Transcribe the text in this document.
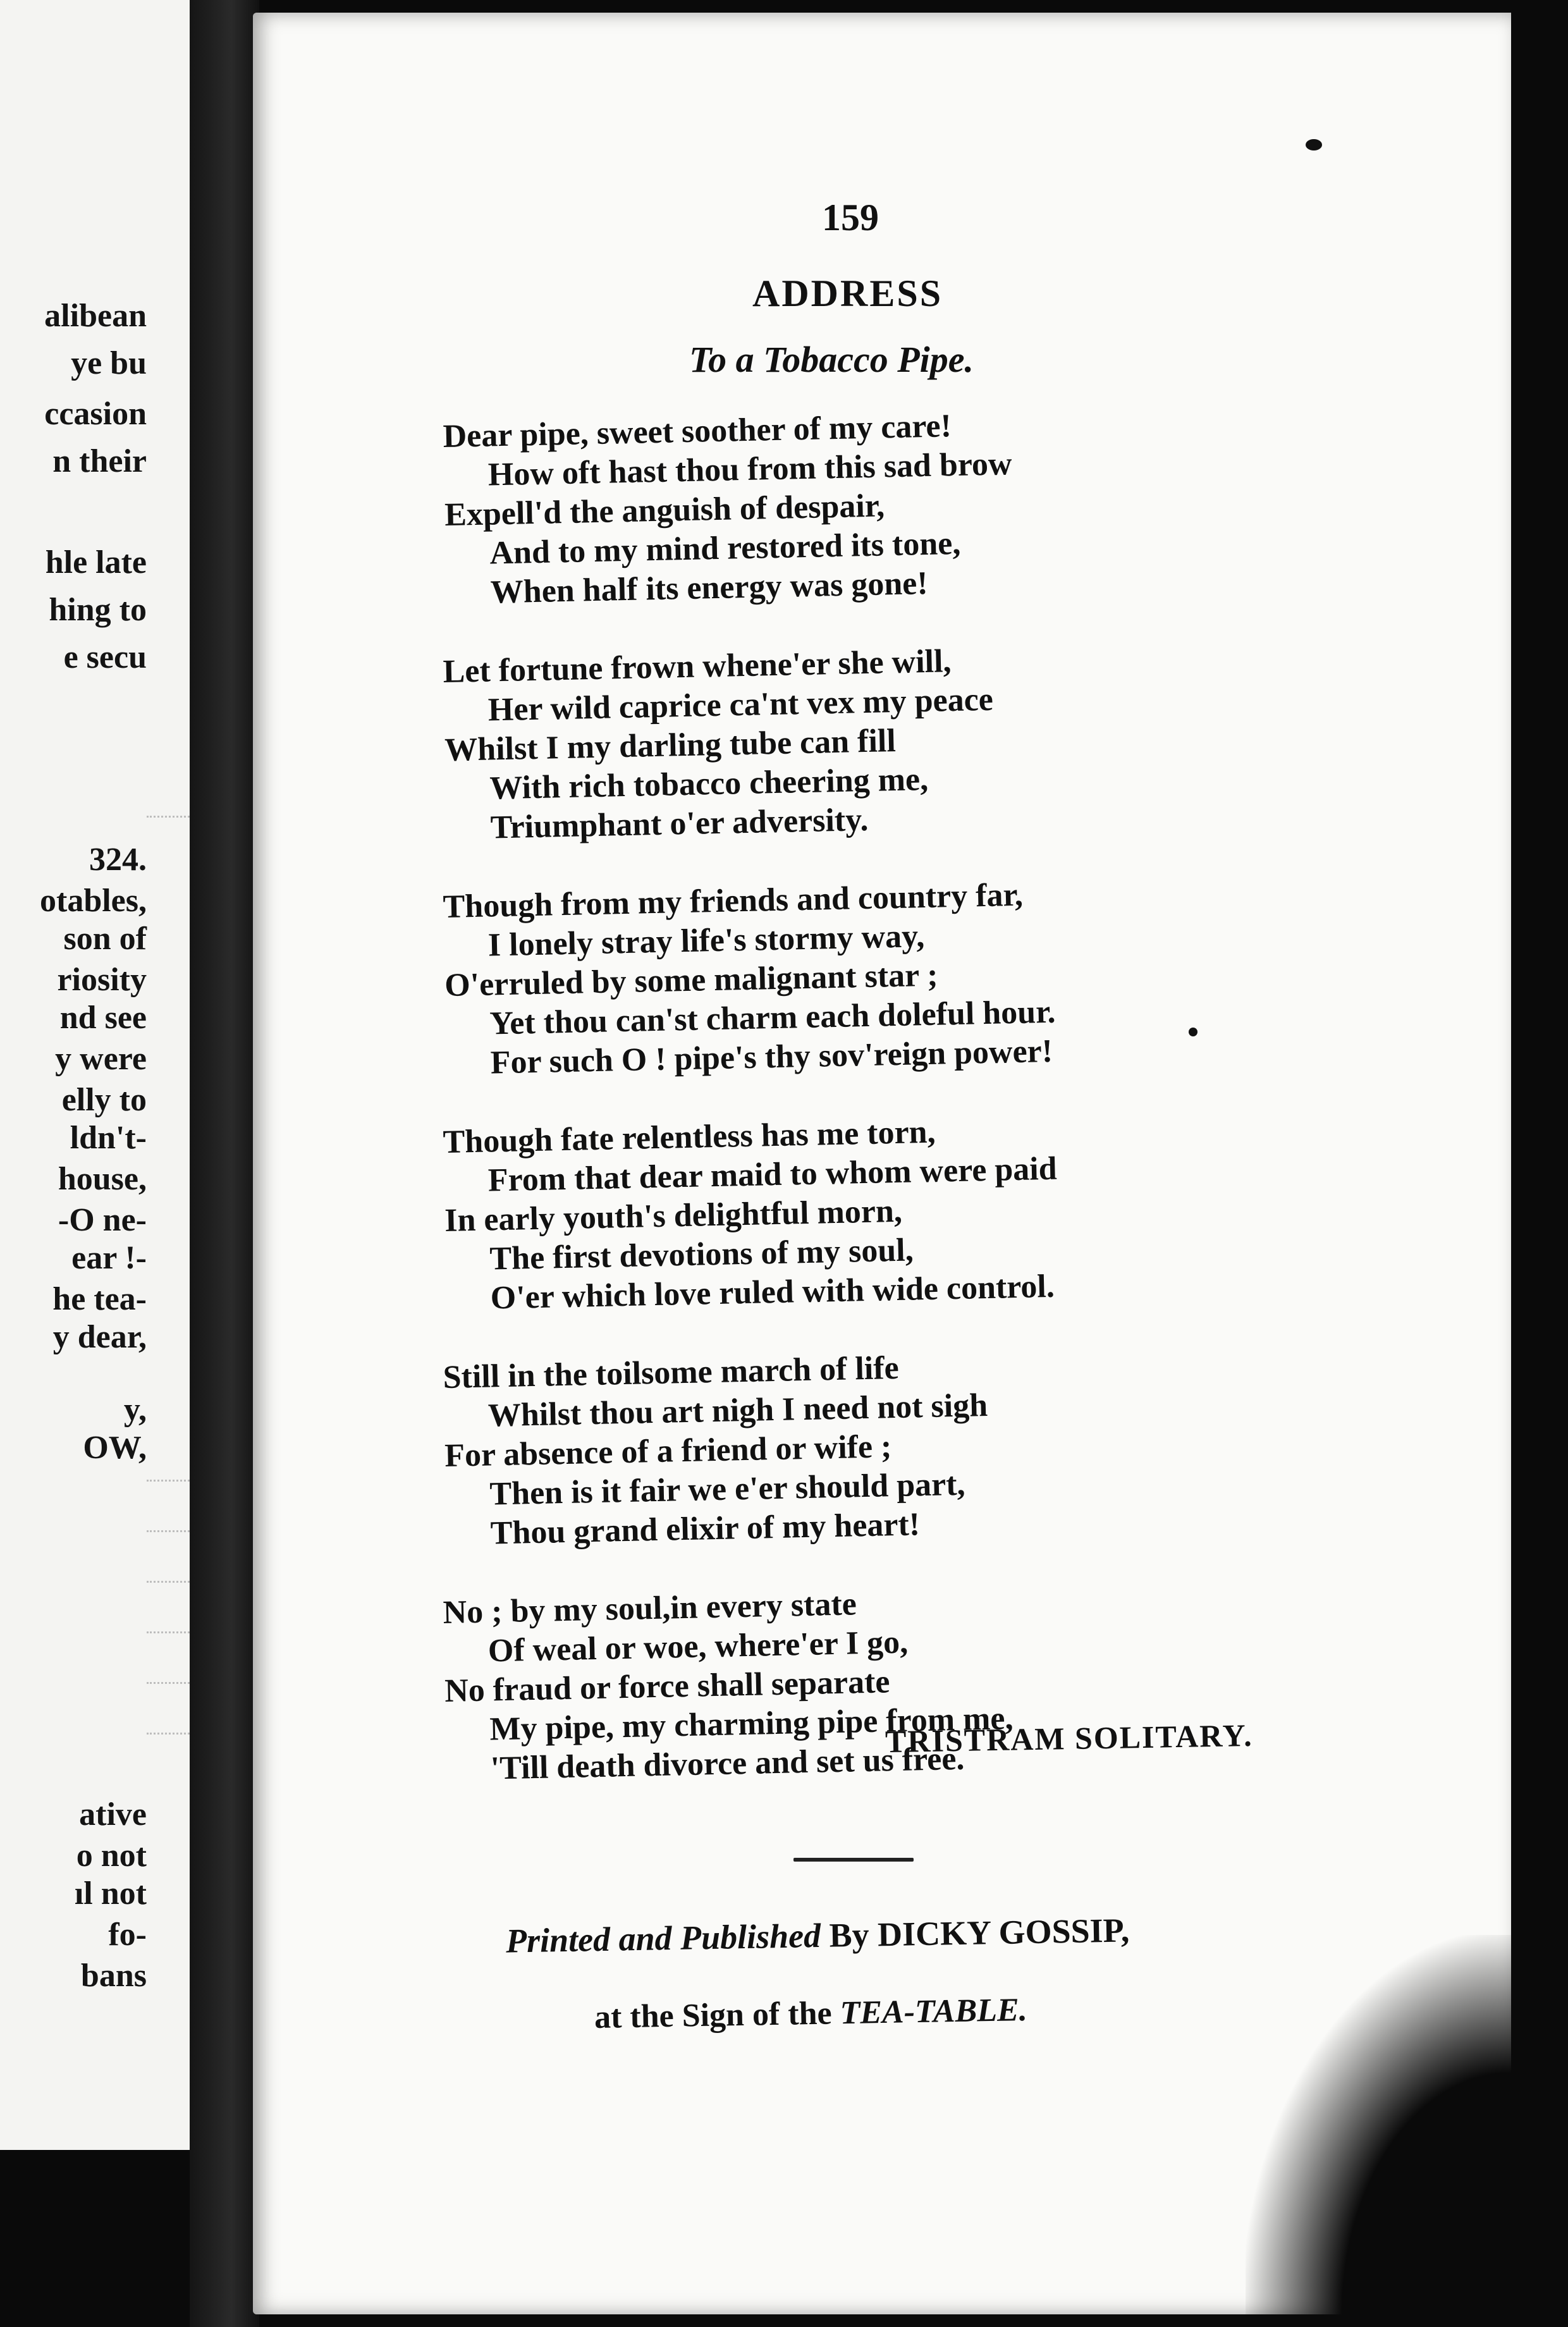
alibean
ye bu
ccasion
n their
hle late
hing to
e secu
324.
otables,
son of
riosity
nd see
y were
elly to
ldn't-
house,
-O ne-
ear !-
he tea-
y dear,
y,
OW,
ative
o not
ıl not
fo-
bans
159
ADDRESS
To a Tobacco Pipe.
Dear pipe, sweet soother of my care!
How oft hast thou from this sad brow
Expell'd the anguish of despair,
And to my mind restored its tone,
When half its energy was gone!
Let fortune frown whene'er she will,
Her wild caprice ca'nt vex my peace
Whilst I my darling tube can fill
With rich tobacco cheering me,
Triumphant o'er adversity.
Though from my friends and country far,
I lonely stray life's stormy way,
O'erruled by some malignant star ;
Yet thou can'st charm each doleful hour.
For such O ! pipe's thy sov'reign power!
Though fate relentless has me torn,
From that dear maid to whom were paid
In early youth's delightful morn,
The first devotions of my soul,
O'er which love ruled with wide control.
Still in the toilsome march of life
Whilst thou art nigh I need not sigh
For absence of a friend or wife ;
Then is it fair we e'er should part,
Thou grand elixir of my heart!
No ; by my soul,in every state
Of weal or woe, where'er I go,
No fraud or force shall separate
My pipe, my charming pipe from me,
'Till death divorce and set us free.
TRISTRAM SOLITARY.
Printed and Published By DICKY GOSSIP,
at the Sign of the TEA-TABLE.
